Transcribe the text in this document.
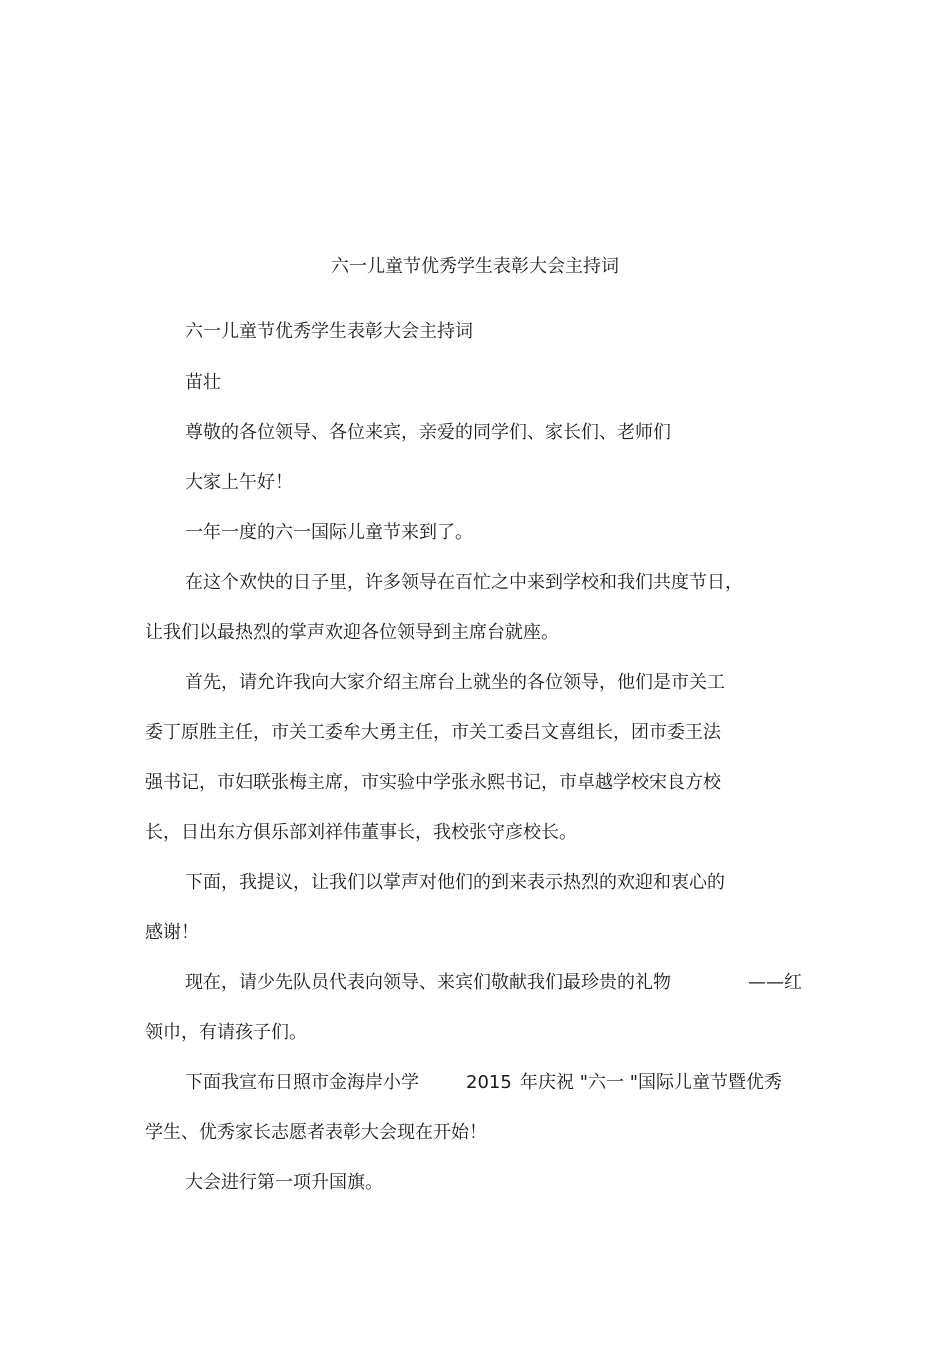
六一儿童节优秀学生表彰大会主持词
六一儿童节优秀学生表彰大会主持词
苗壮
尊敬的各位领导、各位来宾，亲爱的同学们、家长们、老师们
大家上午好！
一年一度的六一国际儿童节来到了。
在这个欢快的日子里，许多领导在百忙之中来到学校和我们共度节日，
让我们以最热烈的掌声欢迎各位领导到主席台就座。
首先，请允许我向大家介绍主席台上就坐的各位领导，他们是市关工
委丁原胜主任，市关工委牟大勇主任，市关工委吕文喜组长，团市委王法
强书记，市妇联张梅主席，市实验中学张永熙书记，市卓越学校宋良方校
长，日出东方俱乐部刘祥伟董事长，我校张守彦校长。
下面，我提议，让我们以掌声对他们的到来表示热烈的欢迎和衷心的
感谢！
现在，请少先队员代表向领导、来宾们敬献我们最珍贵的礼物	——红
领巾，有请孩子们。
下面我宣布日照市金海岸小学	2015 年庆祝 "六一 "国际儿童节暨优秀
学生、优秀家长志愿者表彰大会现在开始！
大会进行第一项升国旗。
